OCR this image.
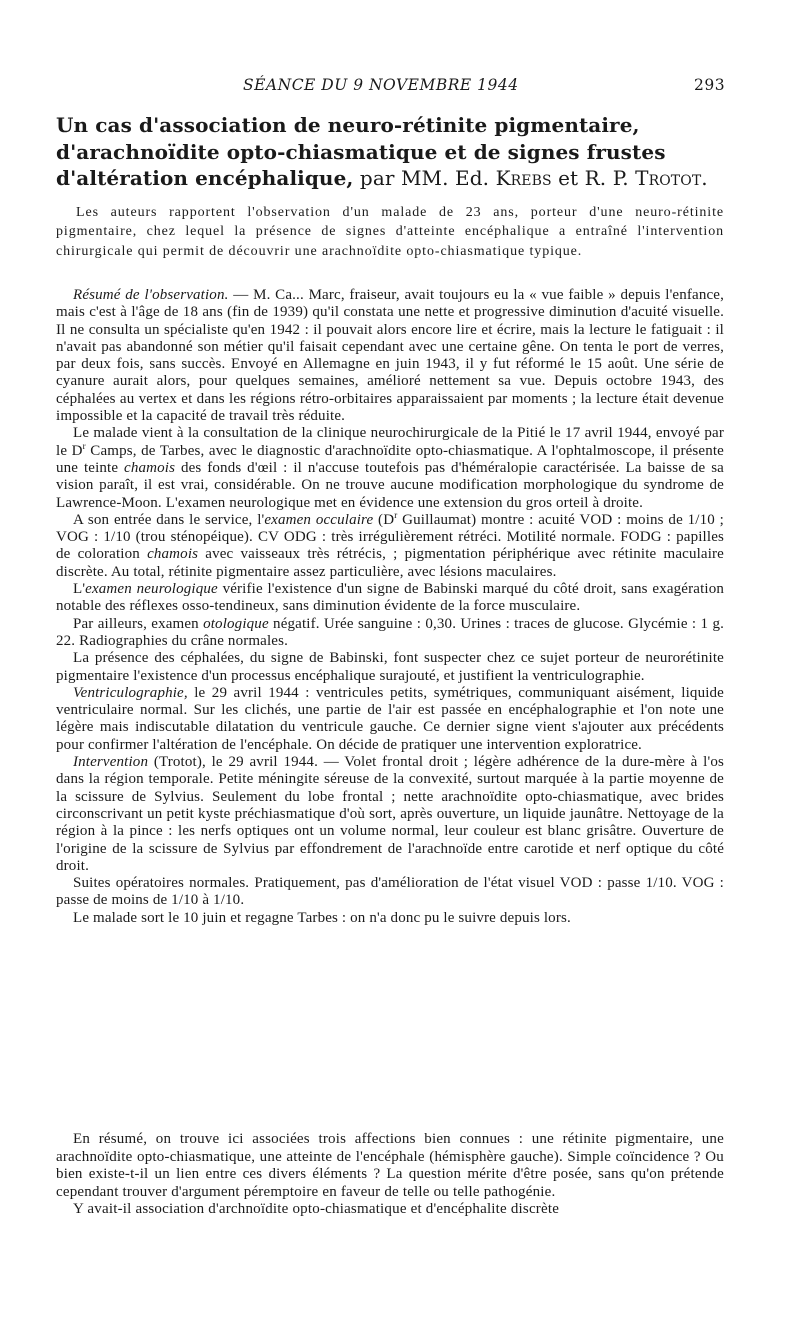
SÉANCE DU 9 NOVEMBRE 1944	293
Un cas d'association de neuro-rétinite pigmentaire, d'arachnoïdite opto-chiasmatique et de signes frustes d'altération encéphalique, par MM. Ed. Krebs et R. P. Trotot.

Les auteurs rapportent l'observation d'un malade de 23 ans, porteur d'une neuro-rétinite pigmentaire, chez lequel la présence de signes d'atteinte encéphalique a entraîné l'intervention chirurgicale qui permit de découvrir une arachnoïdite opto-chiasmatique typique.

Résumé de l'observation. — M. Ca... Marc, fraiseur, avait toujours eu la « vue faible » depuis l'enfance, mais c'est à l'âge de 18 ans (fin de 1939) qu'il constata une nette et progressive diminution d'acuité visuelle. Il ne consulta un spécialiste qu'en 1942 : il pouvait alors encore lire et écrire, mais la lecture le fatiguait : il n'avait pas abandonné son métier qu'il faisait cependant avec une certaine gêne. On tenta le port de verres, par deux fois, sans succès. Envoyé en Allemagne en juin 1943, il y fut réformé le 15 août. Une série de cyanure aurait alors, pour quelques semaines, amélioré nettement sa vue. Depuis octobre 1943, des céphalées au vertex et dans les régions rétro-orbitaires apparaissaient par moments ; la lecture était devenue impossible et la capacité de travail très réduite.

Le malade vient à la consultation de la clinique neurochirurgicale de la Pitié le 17 avril 1944, envoyé par le $D^r$ Camps, de Tarbes, avec le diagnostic d'arachnoïdite opto-chiasmatique. A l'ophtalmoscope, il présente une teinte chamois des fonds d'œil : il n'accuse toutefois pas d'héméralopie caractérisée. La baisse de sa vision paraît, il est vrai, considérable. On ne trouve aucune modification morphologique du syndrome de Lawrence-Moon. L'examen neurologique met en évidence une extension du gros orteil à droite.

A son entrée dans le service, l'examen occulaire ($D^r$ Guillaumat) montre : acuité VOD : moins de 1/10 ; VOG : 1/10 (trou sténopéique). CV ODG : très irrégulièrement rétréci. Motilité normale. FODG : papilles de coloration chamois avec vaisseaux très rétrécis, ; pigmentation périphérique avec rétinite maculaire discrète. Au total, rétinite pigmentaire assez particulière, avec lésions maculaires.

L'examen neurologique vérifie l'existence d'un signe de Babinski marqué du côté droit, sans exagération notable des réflexes osso-tendineux, sans diminution évidente de la force musculaire.

Par ailleurs, examen otologique négatif. Urée sanguine : 0,30. Urines : traces de glucose. Glycémie : 1 g. 22. Radiographies du crâne normales.

La présence des céphalées, du signe de Babinski, font suspecter chez ce sujet porteur de neurorétinite pigmentaire l'existence d'un processus encéphalique surajouté, et justifient la ventriculographie.

Ventriculographie, le 29 avril 1944 : ventricules petits, symétriques, communiquant aisément, liquide ventriculaire normal. Sur les clichés, une partie de l'air est passée en encéphalographie et l'on note une légère mais indiscutable dilatation du ventricule gauche. Ce dernier signe vient s'ajouter aux précédents pour confirmer l'altération de l'encéphale. On décide de pratiquer une intervention exploratrice.

Intervention (Trotot), le 29 avril 1944. — Volet frontal droit ; légère adhérence de la dure-mère à l'os dans la région temporale. Petite méningite séreuse de la convexité, surtout marquée à la partie moyenne de la scissure de Sylvius. Seulement du lobe frontal ; nette arachnoïdite opto-chiasmatique, avec brides circonscrivant un petit kyste préchiasmatique d'où sort, après ouverture, un liquide jaunâtre. Nettoyage de la région à la pince : les nerfs optiques ont un volume normal, leur couleur est blanc grisâtre. Ouverture de l'origine de la scissure de Sylvius par effondrement de l'arachnoïde entre carotide et nerf optique du côté droit.

Suites opératoires normales. Pratiquement, pas d'amélioration de l'état visuel VOD : passe 1/10. VOG : passe de moins de 1/10 à 1/10.

Le malade sort le 10 juin et regagne Tarbes : on n'a donc pu le suivre depuis lors.

En résumé, on trouve ici associées trois affections bien connues : une rétinite pigmentaire, une arachnoïdite opto-chiasmatique, une atteinte de l'encéphale (hémisphère gauche). Simple coïncidence ? Ou bien existe-t-il un lien entre ces divers éléments ? La question mérite d'être posée, sans qu'on prétende cependant trouver d'argument péremptoire en faveur de telle ou telle pathogénie.

Y avait-il association d'archnoïdite opto-chiasmatique et d'encéphalite discrète
